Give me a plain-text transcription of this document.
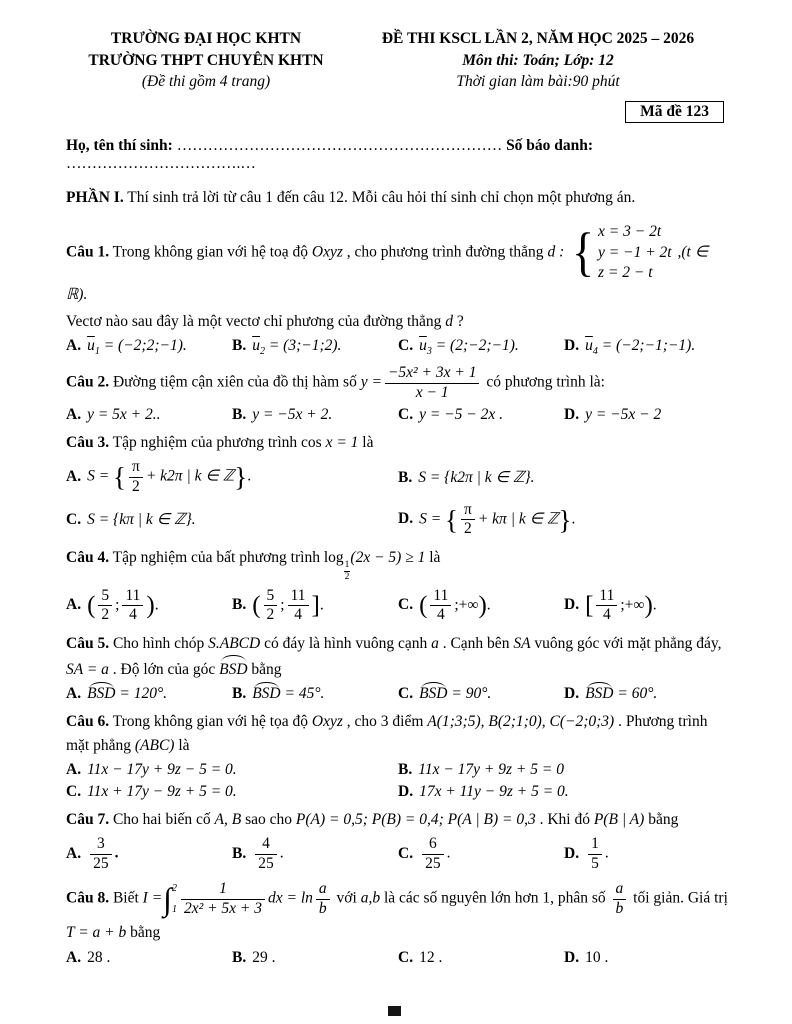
TRƯỜNG ĐẠI HỌC KHTN
TRƯỜNG THPT CHUYÊN KHTN
(Đề thi gồm 4 trang)
ĐỀ THI KSCL LẦN 2, NĂM HỌC 2025 – 2026
Môn thi: Toán; Lớp: 12
Thời gian làm bài:90 phút
Mã đề 123

Họ, tên thí sinh: ……………………………………………………… Số báo danh: …………………………….…

PHẦN I. Thí sinh trả lời từ câu 1 đến câu 12. Mỗi câu hỏi thí sinh chỉ chọn một phương án.

Câu 1. Trong không gian với hệ toạ độ Oxyz , cho phương trình đường thẳng d : { x = 3 − 2t
y = −1 + 2t
z = 2 − t
,(t ∈ ℝ).

Vectơ nào sau đây là một vectơ chỉ phương của đường thẳng d ?

A. $\overline{u}_1$ = (−2;2;−1).	B. $\overline{u}_2$ = (3;−1;2).	C. $\overline{u}_3$ = (2;−2;−1).	D. $\overline{u}_4$ = (−2;−1;−1).

Câu 2. Đường tiệm cận xiên của đồ thị hàm số $y = \frac{\text{−5x² + 3x + 1}}{x - 1}$ có phương trình là:

A. y = 5x + 2..	B. y = −5x + 2.	C. y = −5 − 2x .	D. y = −5x − 2

Câu 3. Tập nghiệm của phương trình cos x = 1 là

A. S = { $\frac{\pi}{2} + k2\pi$ | k ∈ ℤ}.	B. S = {k2π | k ∈ ℤ}.
C. S = {kπ | k ∈ ℤ}.	D. S = { $\frac{\pi}{2} + k\pi$ | k ∈ ℤ}.

Câu 4. Tập nghiệm của bất phương trình log
$_{\frac{1}{2}}$
(2x − 5) ≥ 1 là

A. ( $\frac{5}{2}$ ; $\frac{11}{4}$ ).	B. ( $\frac{5}{2}$ ; $\frac{11}{4}$ ].	C. ( $\frac{11}{4}$ ;+∞).	D. [ $\frac{11}{4}$ ;+∞).

Câu 5. Cho hình chóp S.ABCD có đáy là hình vuông cạnh a . Cạnh bên SA vuông góc với mặt phẳng đáy,

SA = a . Độ lớn của góc BSD bằng

A. BSD = 120°.	B. BSD = 45°.	C. BSD = 90°.	D. BSD = 60°.

Câu 6. Trong không gian với hệ tọa độ Oxyz , cho 3 điểm A(1;3;5), B(2;1;0), C(−2;0;3) . Phương trình mặt phẳng (ABC) là

A. 11x − 17y + 9z − 5 = 0.	B. 11x − 17y + 9z + 5 = 0
C. 11x + 17y − 9z + 5 = 0.	D. 17x + 11y − 9z + 5 = 0.

Câu 7. Cho hai biến cố A, B sao cho P(A) = 0,5; P(B) = 0,4; P(A | B) = 0,3 . Khi đó P(B | A) bằng

A. $\frac{3}{25}$ .	B. $\frac{4}{25}$ .	C. $\frac{6}{25}$ .	D. $\frac{1}{5}$ .

Câu 8. Biết I = ∫ 2
$1 \frac{1}{\text{2x² + 5x + 3}}$ dx = $\ln \frac{a}{b}$ với a,b là các số nguyên lớn hơn 1, phân số $\frac{a}{b}$ tối giản. Giá trị

T = a + b bằng

A. 28 .	B. 29 .	C. 12 .	D. 10 .
